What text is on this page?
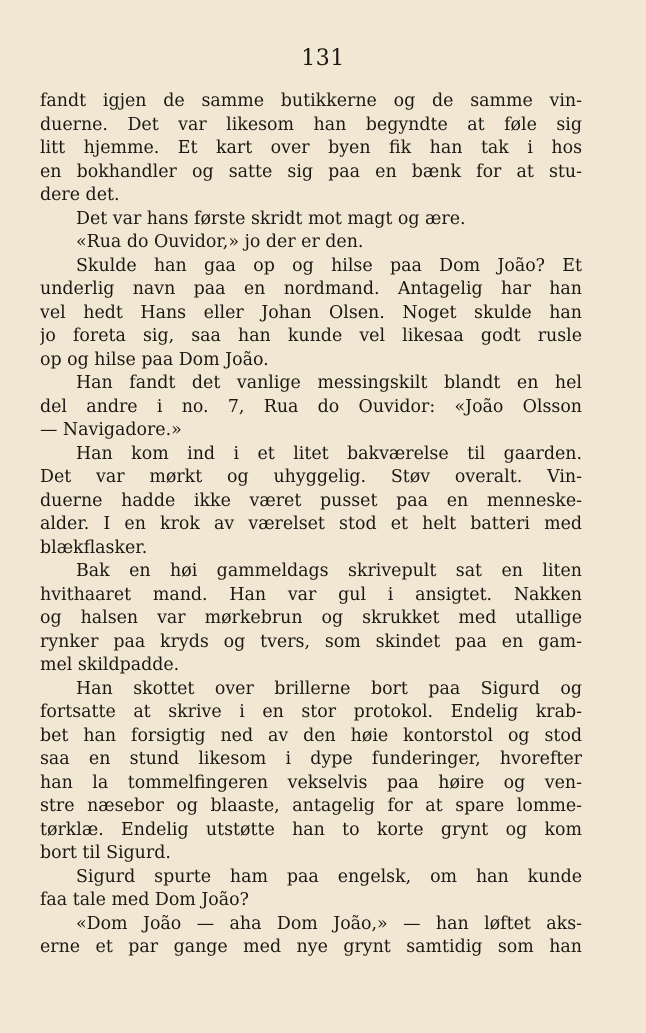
131
fandt igjen de samme butikkerne og de samme vin-
duerne. Det var likesom han begyndte at føle sig
litt hjemme. Et kart over byen fik han tak i hos
en bokhandler og satte sig paa en bænk for at stu-
dere det.
Det var hans første skridt mot magt og ære.
«Rua do Ouvidor,» jo der er den.
Skulde han gaa op og hilse paa Dom João? Et
underlig navn paa en nordmand. Antagelig har han
vel hedt Hans eller Johan Olsen. Noget skulde han
jo foreta sig, saa han kunde vel likesaa godt rusle
op og hilse paa Dom João.
Han fandt det vanlige messingskilt blandt en hel
del andre i no. 7, Rua do Ouvidor: «João Olsson
— Navigadore.»
Han kom ind i et litet bakværelse til gaarden.
Det var mørkt og uhyggelig. Støv overalt. Vin-
duerne hadde ikke været pusset paa en menneske-
alder. I en krok av værelset stod et helt batteri med
blækflasker.
Bak en høi gammeldags skrivepult sat en liten
hvithaaret mand. Han var gul i ansigtet. Nakken
og halsen var mørkebrun og skrukket med utallige
rynker paa kryds og tvers, som skindet paa en gam-
mel skildpadde.
Han skottet over brillerne bort paa Sigurd og
fortsatte at skrive i en stor protokol. Endelig krab-
bet han forsigtig ned av den høie kontorstol og stod
saa en stund likesom i dype funderinger, hvorefter
han la tommelfingeren vekselvis paa høire og ven-
stre næsebor og blaaste, antagelig for at spare lomme-
tørklæ. Endelig utstøtte han to korte grynt og kom
bort til Sigurd.
Sigurd spurte ham paa engelsk, om han kunde
faa tale med Dom João?
«Dom João — aha Dom João,» — han løftet aks-
erne et par gange med nye grynt samtidig som han
